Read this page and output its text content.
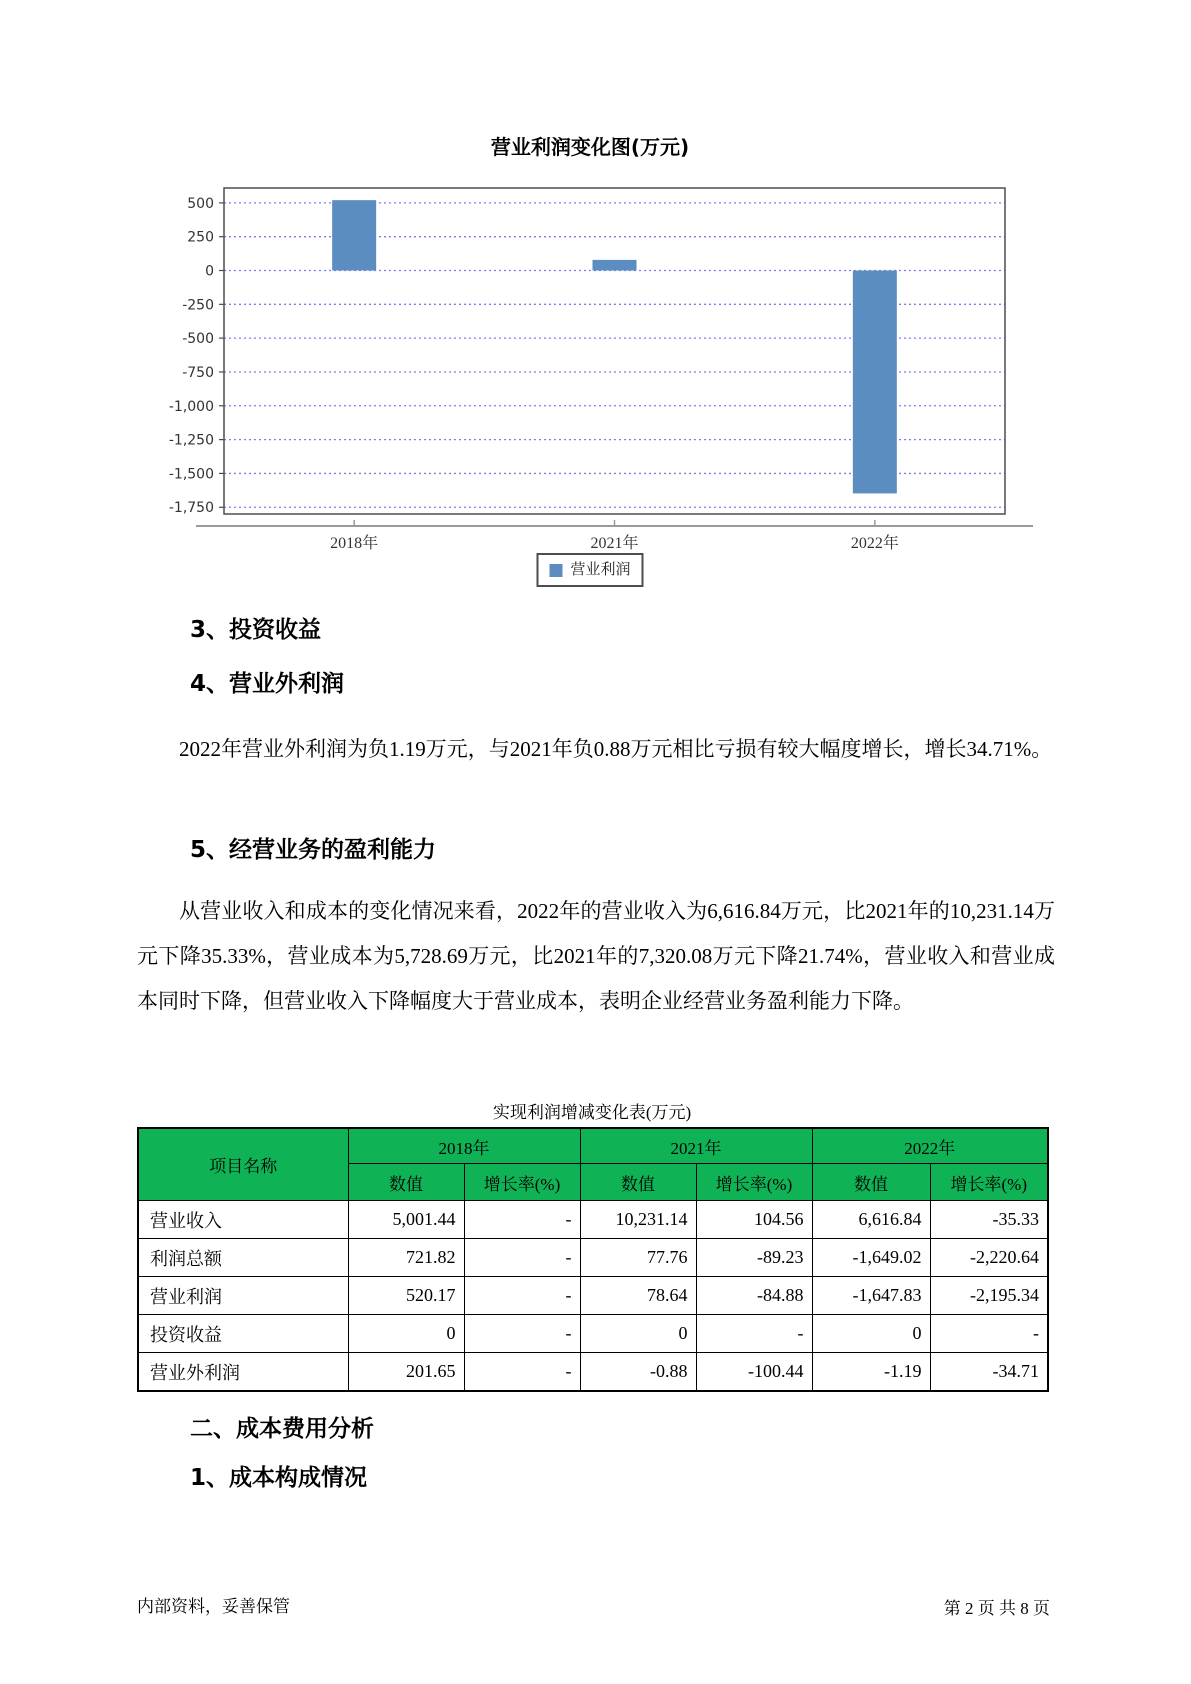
营业利润变化图(万元)
500
250
0
-250
-500
-750
-1,000
-1,250
-1,500
-1,750
2018年	2021年	2022年
营业利润
3、投资收益
4、营业外利润
2022年营业外利润为负1.19万元，与2021年负0.88万元相比亏损有较大幅度增长，增长34.71%。
5、经营业务的盈利能力
从营业收入和成本的变化情况来看，2022年的营业收入为6,616.84万元，比2021年的10,231.14万元下降35.33%，营业成本为5,728.69万元，比2021年的7,320.08万元下降21.74%，营业收入和营业成本同时下降，但营业收入下降幅度大于营业成本，表明企业经营业务盈利能力下降。
实现利润增减变化表(万元)
项目名称	2018年		2021年		2022年	
	数值	增长率(%)	数值	增长率(%)	数值	增长率(%)
营业收入	5,001.44	-	10,231.14	104.56	6,616.84	-35.33
利润总额	721.82	-	77.76	-89.23	-1,649.02	-2,220.64
营业利润	520.17	-	78.64	-84.88	-1,647.83	-2,195.34
投资收益	0	-	0	-	0	-
营业外利润	201.65	-	-0.88	-100.44	-1.19	-34.71
二、成本费用分析
1、成本构成情况
内部资料，妥善保管	第 2 页 共 8 页
